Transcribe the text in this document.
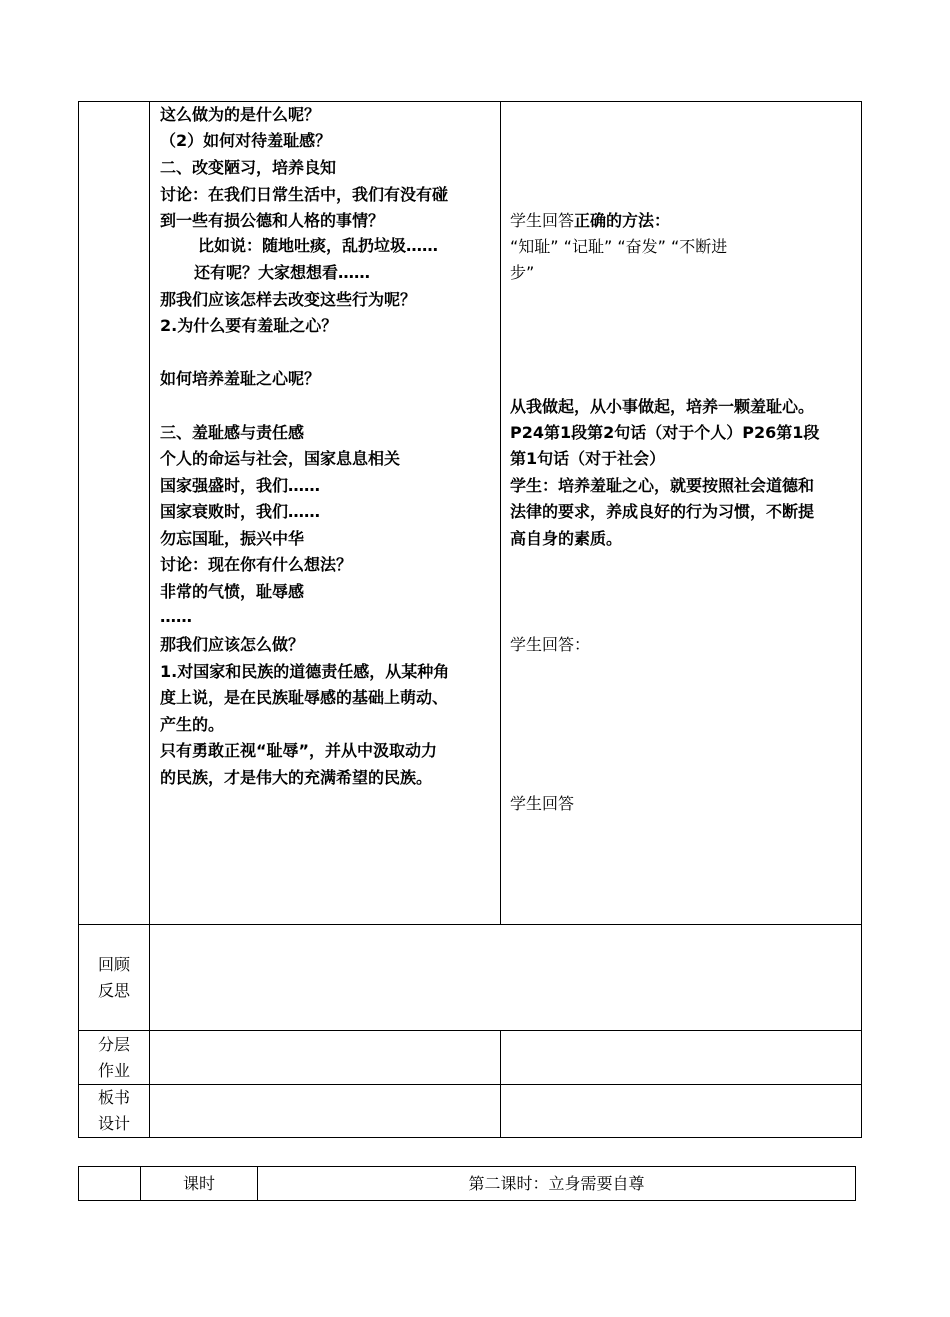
这么做为的是什么呢？
（2）如何对待羞耻感？
二、改变陋习，培养良知
讨论：在我们日常生活中，我们有没有碰
到一些有损公德和人格的事情？
比如说：随地吐痰，乱扔垃圾……
还有呢？大家想想看……
那我们应该怎样去改变这些行为呢？
2.为什么要有羞耻之心？
如何培养羞耻之心呢？
三、羞耻感与责任感
个人的命运与社会，国家息息相关
国家强盛时，我们……
国家衰败时，我们……
勿忘国耻，振兴中华
讨论：现在你有什么想法？
非常的气愤，耻辱感
……
那我们应该怎么做？
1.对国家和民族的道德责任感，从某种角
度上说，是在民族耻辱感的基础上萌动、
产生的。
只有勇敢正视“耻辱”，并从中汲取动力
的民族，才是伟大的充满希望的民族。
学生回答正确的方法：
“知耻” “记耻” “奋发” “不断进
步”
从我做起，从小事做起，培养一颗羞耻心。
P24第1段第2句话（对于个人）P26第1段
第1句话（对于社会）
学生：培养羞耻之心，就要按照社会道德和
法律的要求，养成良好的行为习惯，不断提
高自身的素质。
学生回答：
学生回答
回顾
反思
分层
作业
板书
设计
课时	第二课时：立身需要自尊
